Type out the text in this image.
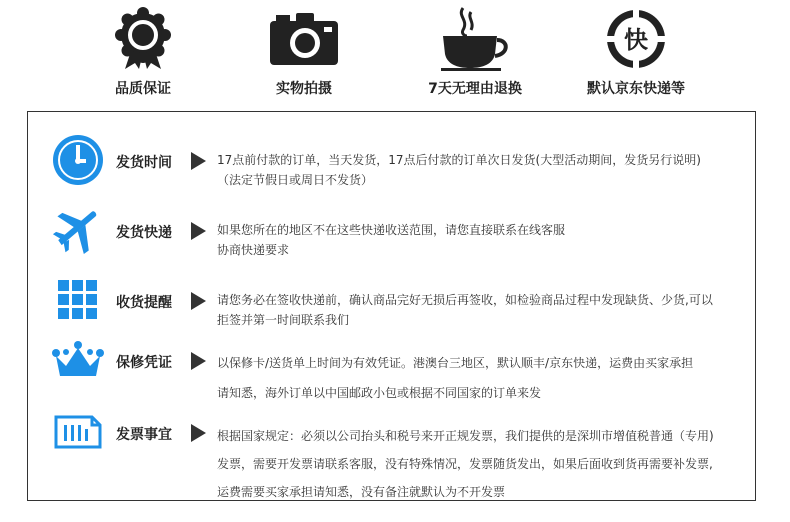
品质保证	实物拍摄	7天无理由退换
快
默认京东快递等
发货时间	17点前付款的订单，当天发货，17点后付款的订单次日发货(大型活动期间，发货另行说明)
（法定节假日或周日不发货）
发货快递	如果您所在的地区不在这些快递收送范围，请您直接联系在线客服
协商快递要求
收货提醒	请您务必在签收快递前，确认商品完好无损后再签收，如检验商品过程中发现缺货、少货,可以
拒签并第一时间联系我们
保修凭证	以保修卡/送货单上时间为有效凭证。港澳台三地区，默认顺丰/京东快递，运费由买家承担
请知悉，海外订单以中国邮政小包或根据不同国家的订单来发
发票事宜	根据国家规定：必须以公司抬头和税号来开正规发票，我们提供的是深圳市增值税普通（专用)
发票，需要开发票请联系客服，没有特殊情况，发票随货发出，如果后面收到货再需要补发票,
运费需要买家承担请知悉，没有备注就默认为不开发票
